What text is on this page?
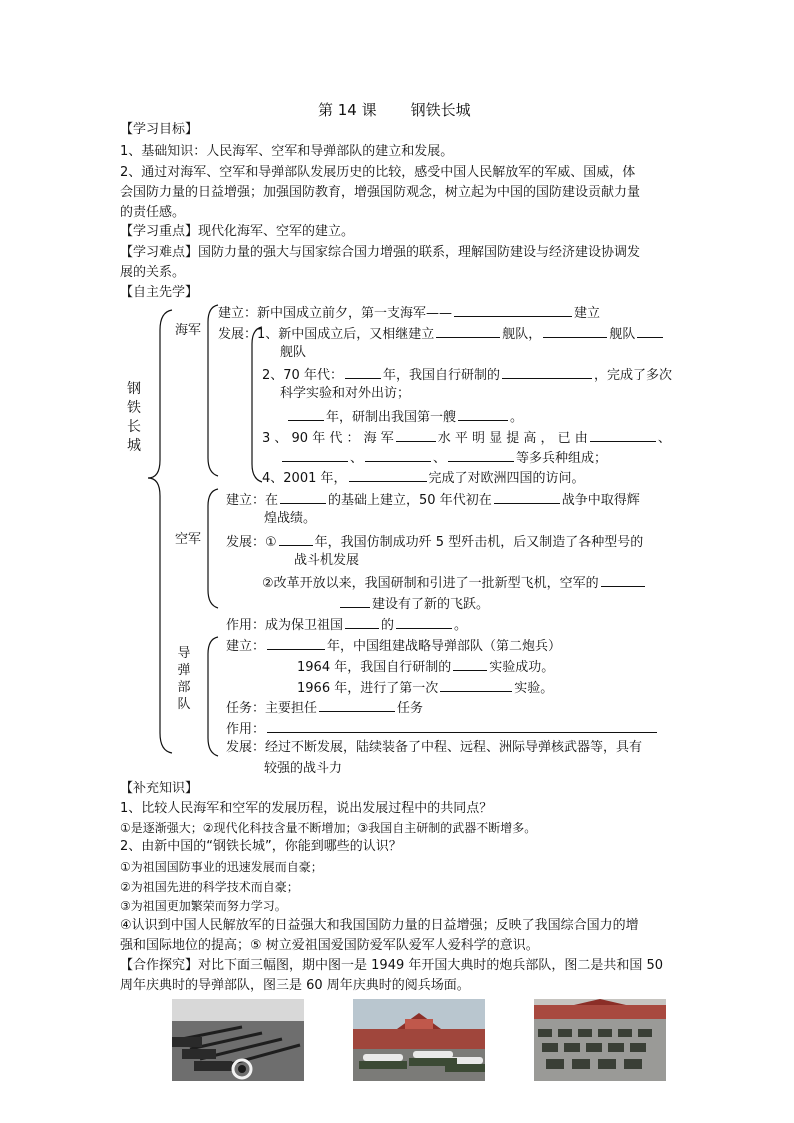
第 14 课 钢铁长城
【学习目标】
1、基础知识：人民海军、空军和导弹部队的建立和发展。
2、通过对海军、空军和导弹部队发展历史的比较，感受中国人民解放军的军威、国威，体
会国防力量的日益增强；加强国防教育，增强国防观念，树立起为中国的国防建设贡献力量
的责任感。
【学习重点】现代化海军、空军的建立。
【学习难点】国防力量的强大与国家综合国力增强的联系，理解国防建设与经济建设协调发
展的关系。
【自主先学】
钢铁长城
海军
建立：新中国成立前夕，第一支海军——	建立
发展：1、新中国成立后，又相继建立	舰队，	舰队
舰队
2、70 年代：	年，我国自行研制的	，完成了多次
科学实验和对外出访；
年，研制出我国第一艘	。
3 、 90 年 代 ： 海 军	水 平 明 显 提 高 ， 已 由	、
、	、	等多兵种组成；
4、2001 年，	完成了对欧洲四国的访问。
空军
建立：在	的基础上建立，50 年代初在	战争中取得辉
煌战绩。
发展：①	年，我国仿制成功歼 5 型歼击机，后又制造了各种型号的
战斗机发展
②改革开放以来，我国研制和引进了一批新型飞机，空军的
建设有了新的飞跃。
作用：成为保卫祖国	的	。
导弹部队
建立：	年，中国组建战略导弹部队（第二炮兵）
1964 年，我国自行研制的	实验成功。
1966 年，进行了第一次	实验。
任务：主要担任	任务
作用：
发展：经过不断发展，陆续装备了中程、远程、洲际导弹核武器等，具有
较强的战斗力
【补充知识】
1、比较人民海军和空军的发展历程，说出发展过程中的共同点？
①是逐渐强大；②现代化科技含量不断增加；③我国自主研制的武器不断增多。
2、由新中国的“钢铁长城”，你能到哪些的认识？
①为祖国国防事业的迅速发展而自豪；
②为祖国先进的科学技术而自豪；
③为祖国更加繁荣而努力学习。
④认识到中国人民解放军的日益强大和我国国防力量的日益增强；反映了我国综合国力的增
强和国际地位的提高；⑤ 树立爱祖国爱国防爱军队爱军人爱科学的意识。
【合作探究】对比下面三幅图，期中图一是 1949 年开国大典时的炮兵部队，图二是共和国 50
周年庆典时的导弹部队，图三是 60 周年庆典时的阅兵场面。
